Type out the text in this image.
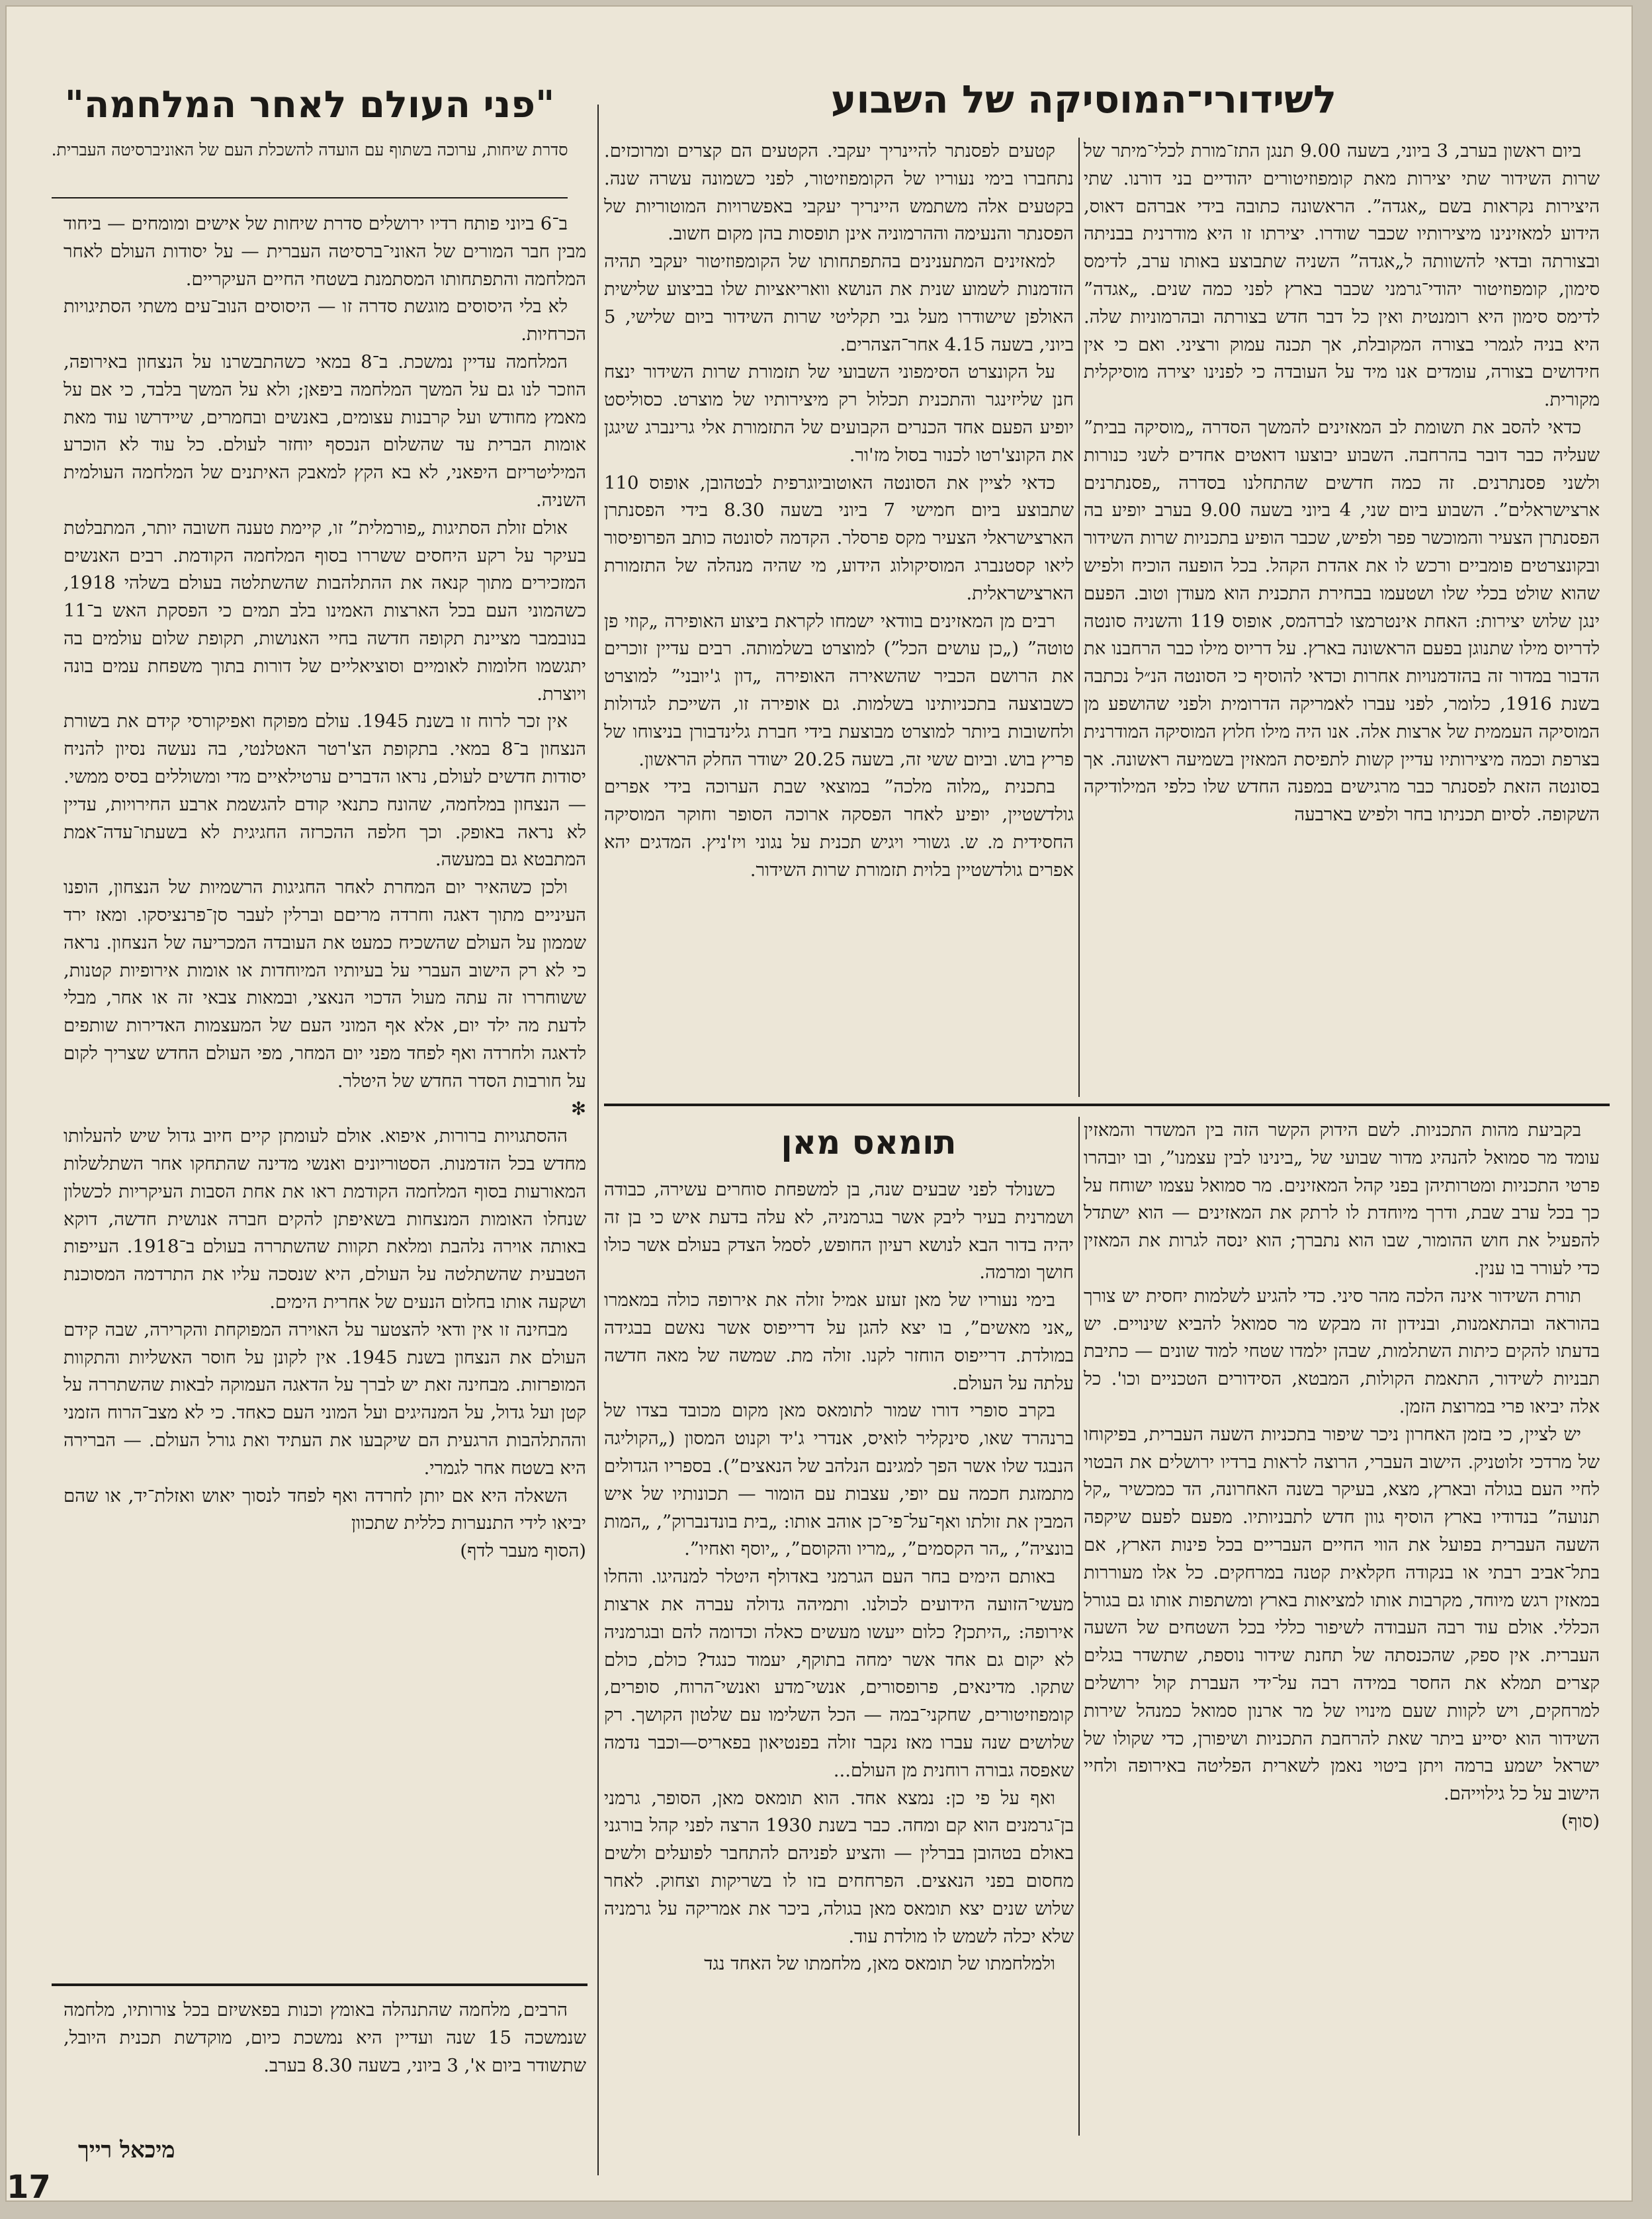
"פני העולם לאחר המלחמה"
סדרת שיחות, ערוכה בשתוף עם הועדה להשכלת העם של האוניברסיטה העברית.

ב־6 ביוני פותח רדיו ירושלים סדרת שיחות של אישים ומומחים — ביחוד מבין חבר המורים של האוני־ברסיטה העברית — על יסודות העולם לאחר המלחמה והתפתחותו המסתמנת בשטחי החיים העיקריים.

לא בלי היסוסים מוגשת סדרה זו — היסוסים הנוב־עים משתי הסתיגויות הכרחיות.

המלחמה עדיין נמשכת. ב־8 במאי כשהתבשרנו על הנצחון באירופה, הוזכר לנו גם על המשך המלחמה ביפאן; ולא על המשך בלבד, כי אם על מאמץ מחודש ועל קרבנות עצומים, באנשים ובחמרים, שיידרשו עוד מאת אומות הברית עד שהשלום הנכסף יוחזר לעולם. כל עוד לא הוכרע המיליטריזם היפאני, לא בא הקץ למאבק האיתנים של המלחמה העולמית השניה.

אולם זולת הסתיגות „פורמלית” זו, קיימת טענה חשובה יותר, המתבלטת בעיקר על רקע היחסים ששררו בסוף המלחמה הקודמת. רבים האנשים המזכירים מתוך קנאה את ההתלהבות שהשתלטה בעולם בשלהי 1918, כשהמוני העם בכל הארצות האמינו בלב תמים כי הפסקת האש ב־11 בנובמבר מציינת תקופה חדשה בחיי האנושות, תקופת שלום עולמים בה יתגשמו חלומות לאומיים וסוציאליים של דורות בתוך משפחת עמים בונה ויוצרת.

אין זכר לרוח זו בשנת 1945. עולם מפוקח ואפיקורסי קידם את בשורת הנצחון ב־8 במאי. בתקופת הצ'רטר האטלנטי, בה נעשה נסיון להניח יסודות חדשים לעולם, נראו הדברים ערטילאיים מדי ומשוללים בסיס ממשי. — הנצחון במלחמה, שהונח כתנאי קודם להגשמת ארבע החירויות, עדיין לא נראה באופק. וכך חלפה ההכרזה החגיגית לא בשעתו־עדה־אמת המתבטא גם במעשה.

ולכן כשהאיר יום המחרת לאחר החגיגות הרשמיות של הנצחון, הופנו העיניים מתוך דאגה וחרדה מריםם וברלין לעבר סן־פרנציסקו. ומאז ירד שממון על העולם שהשכיח כמעט את העובדה המכריעה של הנצחון. נראה כי לא רק הישוב העברי על בעיותיו המיוחדות או אומות אירופיות קטנות, ששוחררו זה עתה מעול הדכוי הנאצי, ובמאות צבאי זה או אחר, מבלי לדעת מה ילד יום, אלא אף המוני העם של המעצמות האדירות שותפים לדאגה ולחרדה ואף לפחד מפני יום המחר, מפי העולם החדש שצריך לקום על חורבות הסדר החדש של היטלר.

✻

ההסתגויות ברורות, איפוא. אולם לעומתן קיים חיוב גדול שיש להעלותו מחדש בכל הזדמנות. הסטוריונים ואנשי מדינה שהתחקו אחר השתלשלות המאורעות בסוף המלחמה הקודמת ראו את אחת הסבות העיקריות לכשלון שנחלו האומות המנצחות בשאיפתן להקים חברה אנושית חדשה, דוקא באותה אוירה נלהבת ומלאת תקוות שהשתררה בעולם ב־1918. העייפות הטבעית שהשתלטה על העולם, היא שנסכה עליו את התרדמה המסוכנת ושקעה אותו בחלום הנעים של אחרית הימים.

מבחינה זו אין ודאי להצטער על האוירה המפוקחת והקרירה, שבה קידם העולם את הנצחון בשנת 1945. אין לקונן על חוסר האשליות והתקוות המופרזות. מבחינה זאת יש לברך על הדאגה העמוקה לבאות שהשתררה על קטן ועל גדול, על המנהיגים ועל המוני העם כאחד. כי לא מצב־הרוח הזמני וההתלהבות הרגעית הם שיקבעו את העתיד ואת גורל העולם. — הברירה היא בשטח אחר לגמרי.

השאלה היא אם יותן לחרדה ואף לפחד לנסוך יאוש ואזלת־יד, או שהם יביאו לידי התנערות כללית שתכוון

(הסוף מעבר לדף)

הרבים, מלחמה שהתנהלה באומץ וכנות בפאשיזם בכל צורותיו, מלחמה שנמשכה 15 שנה ועדיין היא נמשכת כיום, מוקדשת תכנית היובל, שתשודר ביום א', 3 ביוני, בשעה 8.30 בערב.

מיכאל רייך
17
לשידורי־המוסיקה של השבוע

ביום ראשון בערב, 3 ביוני, בשעה 9.00 תנגן התז־מורת לכלי־מיתר של שרות השידור שתי יצירות מאת קומפוזיטורים יהודיים בני דורנו. שתי היצירות נקראות בשם „אגדה”. הראשונה כתובה בידי אברהם דאוס, הידוע למאזינינו מיצירותיו שכבר שודרו. יצירתו זו היא מודרנית בבניתה ובצורתה ובדאי להשוותה ל„אגדה” השניה שתבוצע באותו ערב, לדימס סימון, קומפוזיטור יהודי־גרמני שכבר בארץ לפני כמה שנים. „אגדה” לדימס סימון היא רומנטית ואין כל דבר חדש בצורתה ובהרמוניות שלה. היא בניה לגמרי בצורה המקובלת, אך תכנה עמוק ורציני. ואם כי אין חידושים בצורה, עומדים אנו מיד על העובדה כי לפנינו יצירה מוסיקלית מקורית.

כדאי להסב את תשומת לב המאזינים להמשך הסדרה „מוסיקה בבית” שעליה כבר דובר בהרחבה. השבוע יבוצעו דואטים אחדים לשני כנורות ולשני פסנתרנים. זה כמה חדשים שהתחלנו בסדרה „פסנתרנים ארצישראלים”. השבוע ביום שני, 4 ביוני בשעה 9.00 בערב יופיע בה הפסנתרן הצעיר והמוכשר פפר ולפיש, שכבר הופיע בתכניות שרות השידור ובקונצרטים פומביים ורכש לו את אהדת הקהל. בכל הופעה הוכיח ולפיש שהוא שולט בכלי שלו ושטעמו בבחירת התכנית הוא מעודן וטוב. הפעם ינגן שלוש יצירות: האחת אינטרמצו לברהמס, אופוס 119 והשניה סונטה לדריוס מילו שתנוגן בפעם הראשונה בארץ. על דריוס מילו כבר הרחבנו את הדבור במדור זה בהזדמנויות אחרות וכדאי להוסיף כי הסונטה הנ״ל נכתבה בשנת 1916, כלומר, לפני עברו לאמריקה הדרומית ולפני שהושפע מן המוסיקה העממית של ארצות אלה. אנו היה מילו חלוץ המוסיקה המודרנית בצרפת וכמה מיצירותיו עדיין קשות לתפיסת המאזין בשמיעה ראשונה. אך בסונטה הזאת לפסנתר כבר מרגישים במפנה החדש שלו כלפי המילודיקה השקופה. לסיום תכניתו בחר ולפיש בארבעה

קטעים לפסנתר להיינריך יעקבי. הקטעים הם קצרים ומרוכזים. נתחברו בימי נעוריו של הקומפוזיטור, לפני כשמונה עשרה שנה. בקטעים אלה משתמש היינריך יעקבי באפשרויות המוטוריות של הפסנתר והנעימה וההרמוניה אינן תופסות בהן מקום חשוב.

למאזינים המתענינים בהתפתחותו של הקומפוזיטור יעקבי תהיה הזדמנות לשמוע שנית את הנושא וואריאציות שלו בביצוע שלישית האולפן שישודרו מעל גבי תקליטי שרות השידור ביום שלישי, 5 ביוני, בשעה 4.15 אחר־הצהרים.

על הקונצרט הסימפוני השבועי של תזמורת שרות השידור ינצח חנן שליזינגר והתכנית תכלול רק מיצירותיו של מוצרט. כסוליסט יופיע הפעם אחד הכנרים הקבועים של התזמורת אלי גרינברג שיגגן את הקונצ'רטו לכנור בסול מז'ור.

כדאי לציין את הסונטה האוטוביוגרפית לבטהובן, אופוס 110 שתבוצע ביום חמישי 7 ביוני בשעה 8.30 בידי הפסנתרן הארצישראלי הצעיר מקס פרסלר. הקדמה לסונטה כותב הפרופיסור ליאו קסטנברג המוסיקולוג הידוע, מי שהיה מנהלה של התזמורת הארצישראלית.

רבים מן המאזינים בוודאי ישמחו לקראת ביצוע האופירה „קוזי פן טוטה” („כן עושים הכל”) למוצרט בשלמותה. רבים עדיין זוכרים את הרושם הכביר שהשאירה האופירה „דון ג'יובני” למוצרט כשבוצעה בתכניותינו בשלמות. גם אופירה זו, השייכת לגדולות ולחשובות ביותר למוצרט מבוצעת בידי חברת גלינדבורן בניצוחו של פריץ בוש. וביום ששי זה, בשעה 20.25 ישודר החלק הראשון.

בתכנית „מלוה מלכה” במוצאי שבת הערוכה בידי אפרים גולדשטיין, יופיע לאחר הפסקה ארוכה הסופר וחוקר המוסיקה החסידית מ. ש. גשורי ויגיש תכנית על נגוני ויז'ניץ. המדגים יהא אפרים גולדשטיין בלוית תזמורת שרות השידור.

תומאס מאן

כשנולד לפני שבעים שנה, בן למשפחת סוחרים עשירה, כבודה ושמרנית בעיר ליבק אשר בגרמניה, לא עלה בדעת איש כי בן זה יהיה בדור הבא לנושא רעיון החופש, לסמל הצדק בעולם אשר כולו חושך ומרמה.

בימי נעוריו של מאן זעזע אמיל זולה את אירופה כולה במאמרו „אני מאשים”, בו יצא להגן על דרייפוס אשר נאשם בבגידה במולדת. דרייפוס הוחזר לקנו. זולה מת. שמשה של מאה חדשה עלתה על העולם.

בקרב סופרי דורו שמור לתומאס מאן מקום מכובד בצדו של ברנהרד שאו, סינקליר לואיס, אנדרי ג'יד וקנוט המסון („הקוליגה הנבגד שלו אשר הפך למגינם הנלהב של הנאצים”). בספריו הגדולים מתמזגת חכמה עם יופי, עצבות עם הומור — תכונותיו של איש המבין את זולתו ואף־על־פי־כן אוהב אותו: „בית בונדנברוק”, „המות בונציה”, „הר הקסמים”, „מריו והקוסם”, „יוסף ואחיו”.

באותם הימים בחר העם הגרמני באדולף היטלר למנהיגו. והחלו מעשי־הזועה הידועים לכולנו. ותמיהה גדולה עברה את ארצות אירופה: „היתכן? כלום ייעשו מעשים כאלה וכדומה להם ובגרמניה לא יקום גם אחד אשר ימחה בתוקף, יעמוד כנגד? כולם, כולם שתקו. מדינאים, פרופסורים, אנשי־מדע ואנשי־הרוח, סופרים, קומפוזיטורים, שחקני־במה — הכל השלימו עם שלטון הקושך. רק שלושים שנה עברו מאז נקבר זולה בפנטיאון בפאריס—וכבר נדמה שאפסה גבורה רוחנית מן העולם...

ואף על פי כן: נמצא אחד. הוא תומאס מאן, הסופר, גרמני בן־גרמנים הוא קם ומחה. כבר בשנת 1930 הרצה לפני קהל בורגני באולם בטהובן בברלין — והציע לפניהם להתחבר לפועלים ולשים מחסום בפני הנאצים. הפרחחים בזו לו בשריקות וצחוק. לאחר שלוש שנים יצא תומאס מאן בגולה, ביכר את אמריקה על גרמניה שלא יכלה לשמש לו מולדת עוד.

ולמלחמתו של תומאס מאן, מלחמתו של האחד נגד

בקביעת מהות התכניות. לשם הידוק הקשר הזה בין המשדר והמאזין עומד מר סמואל להנהיג מדור שבועי של „בינינו לבין עצמנו”, ובו יובהרו פרטי התכניות ומטרותיהן בפני קהל המאזינים. מר סמואל עצמו ישוחח על כך בכל ערב שבת, ודרך מיוחדת לו לרתק את המאזינים — הוא ישתדל להפעיל את חוש ההומור, שבו הוא נתברך; הוא ינסה לגרות את המאזין כדי לעורר בו ענין.

תורת השידור אינה הלכה מהר סיני. כדי להגיע לשלמות יחסית יש צורך בהוראה ובהתאמנות, ובנידון זה מבקש מר סמואל להביא שינויים. יש בדעתו להקים כיתות השתלמות, שבהן ילמדו שטחי למוד שונים — כתיבת תבניות לשידור, התאמת הקולות, המבטא, הסידורים הטכניים וכו'. כל אלה יביאו פרי במרוצת הזמן.

יש לציין, כי בזמן האחרון ניכר שיפור בתכניות השעה העברית, בפיקוחו של מרדכי זלוטניק. הישוב העברי, הרוצה לראות ברדיו ירושלים את הבטוי לחיי העם בגולה ובארץ, מצא, בעיקר בשנה האחרונה, הד כמכשיר „קל תנועה” בנדודיו בארץ הוסיף גוון חדש לתבניותיו. מפעם לפעם שיקפה השעה העברית בפועל את הווי החיים העבריים בכל פינות הארץ, אם בתל־אביב רבתי או בנקודה חקלאית קטנה במרחקים. כל אלו מעוררות במאזין רגש מיוחד, מקרבות אותו למציאות בארץ ומשתפות אותו גם בגורל הכללי. אולם עוד רבה העבודה לשיפור כללי בכל השטחים של השעה העברית. אין ספק, שהכנסתה של תחנת שידור נוספת, שתשדר בגלים קצרים תמלא את החסר במידה רבה על־ידי העברת קול ירושלים למרחקים, ויש לקוות שעם מינויו של מר ארנון סמואל כמנהל שירות השידור הוא יסייע ביתר שאת להרחבת התכניות ושיפורן, כדי שקולו של ישראל ישמע ברמה ויתן ביטוי נאמן לשארית הפליטה באירופה ולחיי הישוב על כל גילוייהם.

(סוף)
